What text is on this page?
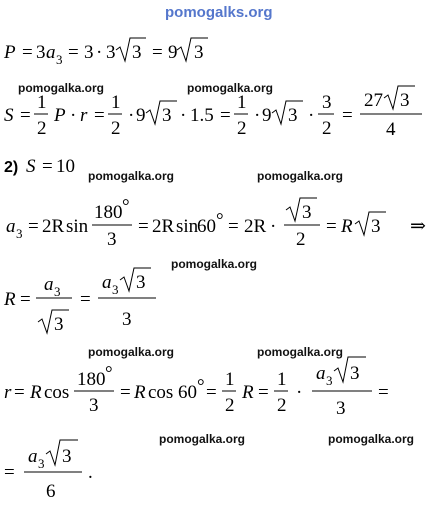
pomogalks.org
P = 3 a 3 = 3 · 3 3 = 9 3
pomogalka.org	pomogalka.org
S =
1
2
P · r =
1
2
· 9 3 · 1.5 =
1
2
· 9 3 ·
3
2
=
27 3
4
2) S = 10 pomogalka.org	pomogalka.org
a 3 = 2R sin
180 °
3
= 2R sin
60 ° = 2R ·
3
2
= R 3 ⇒
pomogalka.org
R =
a 3
3
=
a 3 3
3
pomogalka.org	pomogalka.org
r = R cos
180 °
3
= R cos 60 ° =
1
2
R =
1
2
·
a 3 3
3
=
pomogalka.org	pomogalka.org
=
a 3 3
6
.
